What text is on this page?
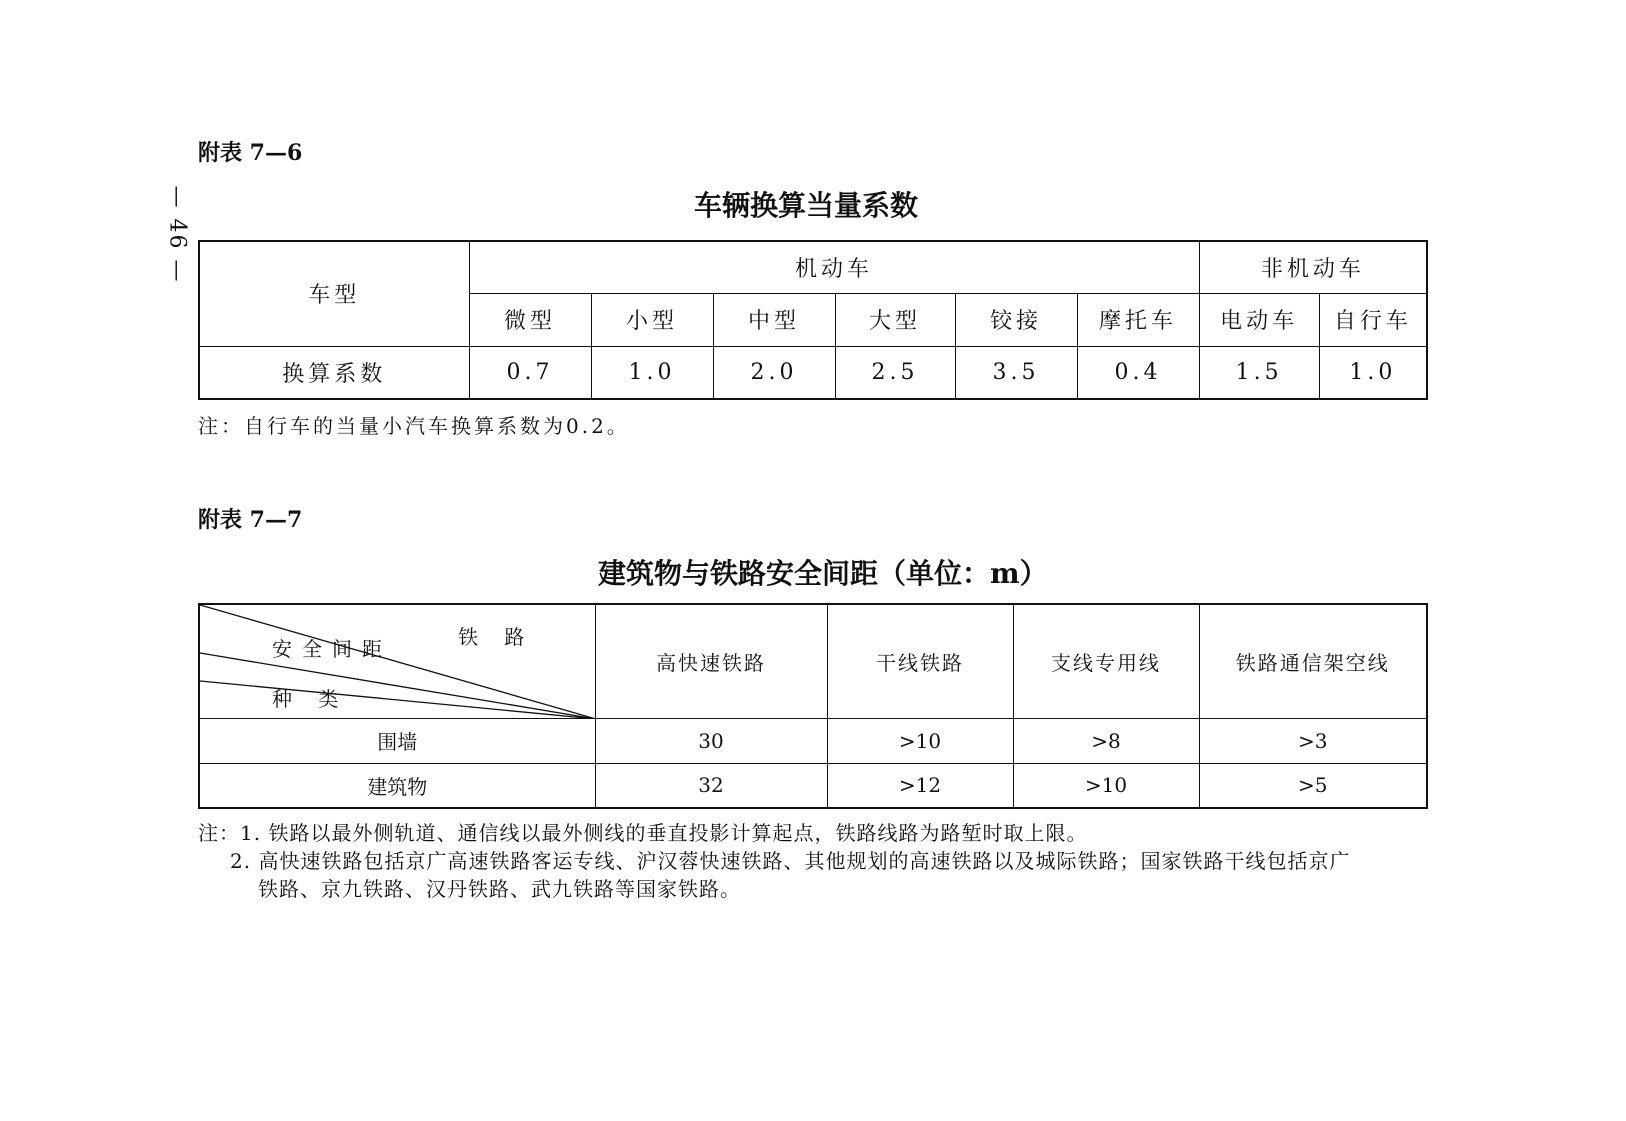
— 46 —
附表 7—6
车辆换算当量系数
车型	机动车						非机动车	
	微型	小型	中型	大型	铰接	摩托车	电动车	自行车
换算系数	0.7	1.0	2.0	2.5	3.5	0.4	1.5	1.0
注：自行车的当量小汽车换算系数为0.2。
附表 7—7
建筑物与铁路安全间距（单位：m）
铁 路
安全间距
种 类	高快速铁路	干线铁路	支线专用线	铁路通信架空线
围墙	30	>10	>8	>3
建筑物	32	>12	>10	>5
注：1. 铁路以最外侧轨道、通信线以最外侧线的垂直投影计算起点，铁路线路为路堑时取上限。
2. 高快速铁路包括京广高速铁路客运专线、沪汉蓉快速铁路、其他规划的高速铁路以及城际铁路；国家铁路干线包括京广
铁路、京九铁路、汉丹铁路、武九铁路等国家铁路。
